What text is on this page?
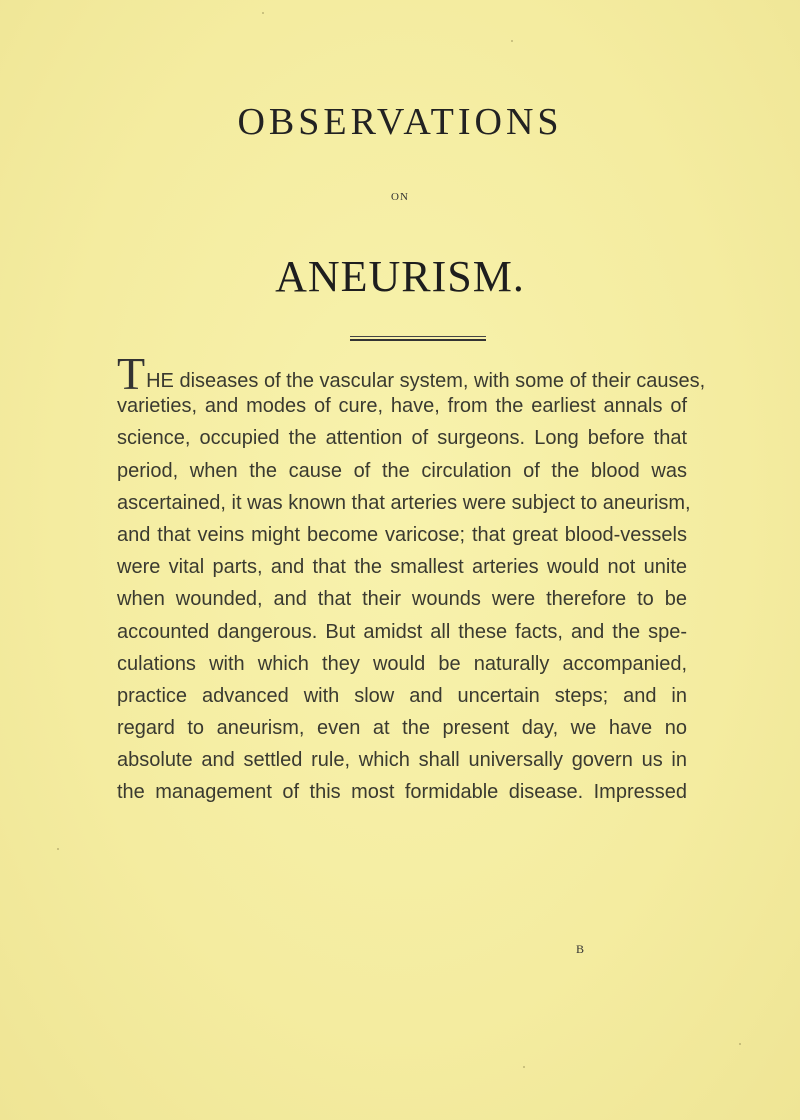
OBSERVATIONS
ON
ANEURISM.
THE diseases of the vascular system, with some of their causes,
varieties, and modes of cure, have, from the earliest annals of
science, occupied the attention of surgeons. Long before that
period, when the cause of the circulation of the blood was
ascertained, it was known that arteries were subject to aneurism,
and that veins might become varicose; that great blood-vessels
were vital parts, and that the smallest arteries would not unite
when wounded, and that their wounds were therefore to be
accounted dangerous. But amidst all these facts, and the spe-
culations with which they would be naturally accompanied,
practice advanced with slow and uncertain steps; and in
regard to aneurism, even at the present day, we have no
absolute and settled rule, which shall universally govern us in
the management of this most formidable disease. Impressed
B
